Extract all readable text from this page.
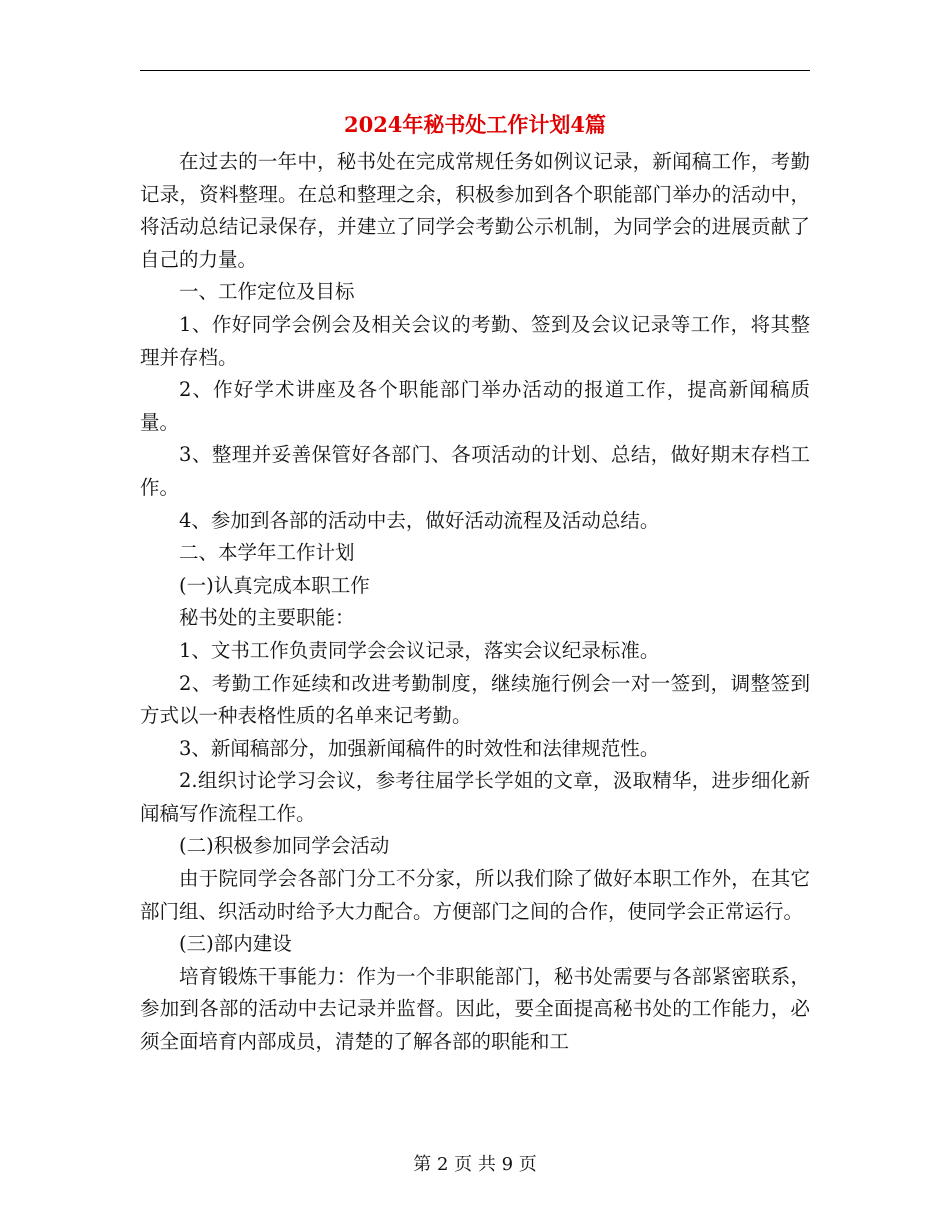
2024年秘书处工作计划4篇

在过去的一年中，秘书处在完成常规任务如例议记录，新闻稿工作，考勤记录，资料整理。在总和整理之余，积极参加到各个职能部门举办的活动中，将活动总结记录保存，并建立了同学会考勤公示机制，为同学会的进展贡献了自己的力量。

一、工作定位及目标

1、作好同学会例会及相关会议的考勤、签到及会议记录等工作，将其整理并存档。

2、作好学术讲座及各个职能部门举办活动的报道工作，提高新闻稿质量。

3、整理并妥善保管好各部门、各项活动的计划、总结，做好期末存档工作。

4、参加到各部的活动中去，做好活动流程及活动总结。

二、本学年工作计划

(一)认真完成本职工作

秘书处的主要职能：

1、文书工作负责同学会会议记录，落实会议纪录标准。

2、考勤工作延续和改进考勤制度，继续施行例会一对一签到，调整签到方式以一种表格性质的名单来记考勤。

3、新闻稿部分，加强新闻稿件的时效性和法律规范性。

2.组织讨论学习会议，参考往届学长学姐的文章，汲取精华，进步细化新闻稿写作流程工作。

(二)积极参加同学会活动

由于院同学会各部门分工不分家，所以我们除了做好本职工作外，在其它部门组、织活动时给予大力配合。方便部门之间的合作，使同学会正常运行。

(三)部内建设

培育锻炼干事能力：作为一个非职能部门，秘书处需要与各部紧密联系，参加到各部的活动中去记录并监督。因此，要全面提高秘书处的工作能力，必须全面培育内部成员，清楚的了解各部的职能和工

第 2 页 共 9 页
